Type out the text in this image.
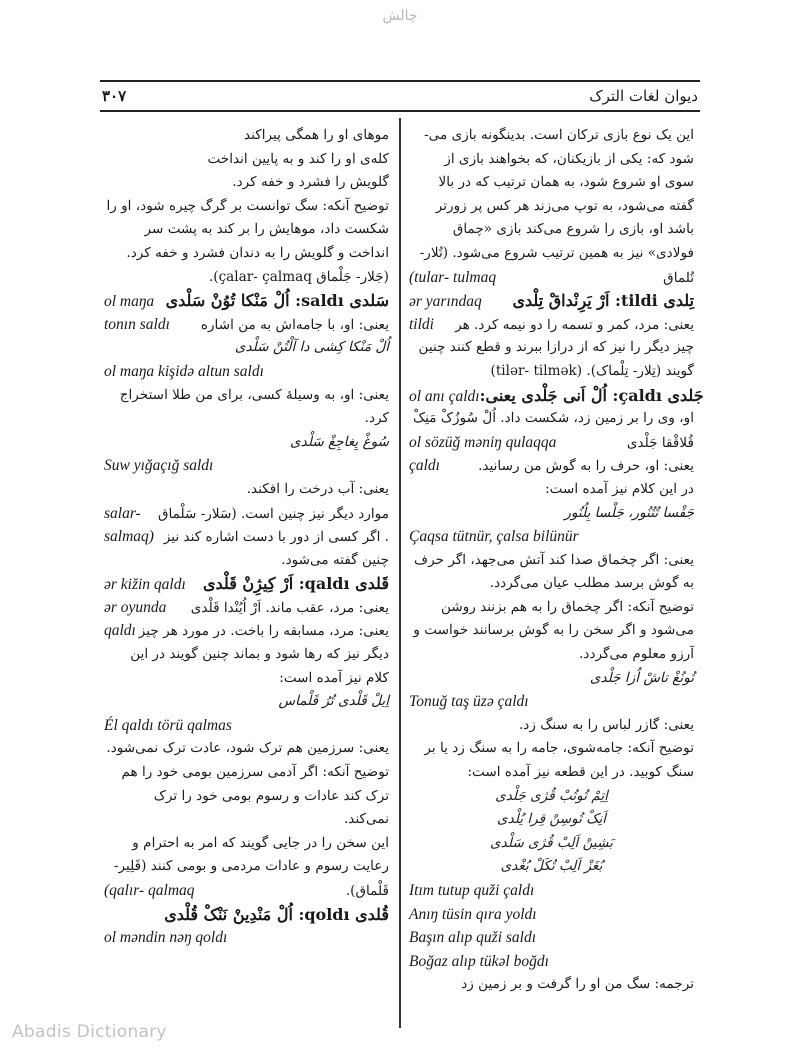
چالش
۳۰۷	دیوان لغات الترک
این یک نوع بازی ترکان است. بدینگونه بازی می‌-
شود که: یکی از بازیکنان، که بخواهند بازی از
سوی او شروع شود، به همان ترتیب که در بالا
گفته می‌شود، به توپ می‌زند هر کس پر زورتر
باشد او، بازی را شروع می‌کند بازی «چماق
فولادی» نیز به همین ترتیب شروع می‌شود. (تُلار‌-
(tular- tulmaq	تُلماق
ər yarındaq تِلدی tildi: اَرْ یَرِنْداقْ تِلْدی
tildi یعنی: مرد، کمر و تسمه را دو نیمه کرد. هر
چیز دیگر را نیز که از درازا ببرند و قطع کنند چنین
گویند (تِلار‌- تِلْماک). (tilər- tilmək)
ol anı çaldı جَلدی çaldı: اُلْ اَنی جَلْدی یعنی:
او، وی را بر زمین زد، شکست داد. اُلْ سُوزُکْ مَنِکْ
ol sözüğ məniŋ qulaqqa	قُلاقْقا جَلْدی
çaldı	یعنی: او، حرف را به گوش من رسانید.
در این کلام نیز آمده است:
جَقْسا تُتُنُور، جَلْسا بِلُنُور
Çaqsa tütnür, çalsa bilünür
یعنی: اگر چخماق صدا کند آتش می‌جهد، اگر حرف
به گوش برسد مطلب عیان می‌گردد.
توضیح آنکه: اگر چخماق را به هم بزنند روشن
می‌شود و اگر سخن را به گوش برسانند خواست و
آرزو معلوم می‌گردد.
تُونُغْ تاشْ اُزا جَلْدی
Tonuğ taş üzə çaldı
یعنی: گازر لباس را به سنگ زد.
توضیح آنکه: جامه‌شوی، جامه را به سنگ زد یا بر
سنگ کوبید. در این قطعه نیز آمده است:
اِتِمْ تُوتُبْ قُژی جَلْدی
اَنِکْ تُوسِنْ قِرا یُلْدی
بَشِینْ اَلِبْ قُژی سَلْدی
بُغَزْ اَلِبْ تُکَلْ بُغْدی
Itım tutup quži çaldı
Anıŋ tüsin qıra yoldı
Başın alıp quži saldı
Boğaz alıp tükəl boğdı
ترجمه: سگ من او را گرفت و بر زمین زد
موهای او را همگی پیراکند
کله‌ی او را کند و به پایین انداخت
گلویش را فشرد و خفه کرد.
توضیح آنکه: سگ توانست بر گرگ چیره شود، او را
شکست داد، موهایش را بر کند به پشت سر
انداخت و گلویش را به دندان فشرد و خفه کرد.
(جَلار- جَلْماق çalar- çalmaq).
ol maŋa سَلدی saldı: اُلْ مَنْکا تُوُنْ سَلْدی
tonın saldı یعنی: او، با جامه‌اش به من اشاره
اُلْ مَنْکا کِشی‌ دا آلْتُنْ سَلْدی
ol maŋa kişidə altun saldı
یعنی: او، به وسیلهٔ کسی، برای من طلا استخراج
کرد.
سُوغْ یِغاجِغْ سَلْدی
Suw yığaçığ saldı
یعنی: آب درخت را افکند.
salar- موارد دیگر نیز چنین است. (سَلار- سَلْماق
salmaq) . اگر کسی از دور با دست اشاره کند نیز
چنین گفته می‌شود.
ər kižin qaldı قَلدی qaldı: اَرْ کِیژِنْ قَلْدی
ər oyunda یعنی: مرد، عقب ماند. اَرْ اُیُنْدا قَلْدی
qaldı یعنی: مرد، مسابقه را باخت. در مورد هر چیز
دیگر نیز که رها شود و بماند چنین گویند در این
کلام نیز آمده است:
اِیلْ قَلْدی تُرُ قَلْماس
Él qaldı törü qalmas
یعنی: سرزمین هم ترک شود، عادت ترک نمی‌شود.
توضیح آنکه: اگر آدمی سرزمین بومی خود را هم
ترک کند عادات و رسوم بومی خود را ترک
نمی‌کند.
این سخن را در جایی گویند که امر به احترام و
رعایت رسوم و عادات مردمی و بومی کنند (قَلِیر‌-
(qalır- qalmaq	قَلْماق).
قُلدی qoldı: اُلْ مَنْدِینْ نَنْکْ قُلْدی
ol məndin nəŋ qoldı
Abadis Dictionary
